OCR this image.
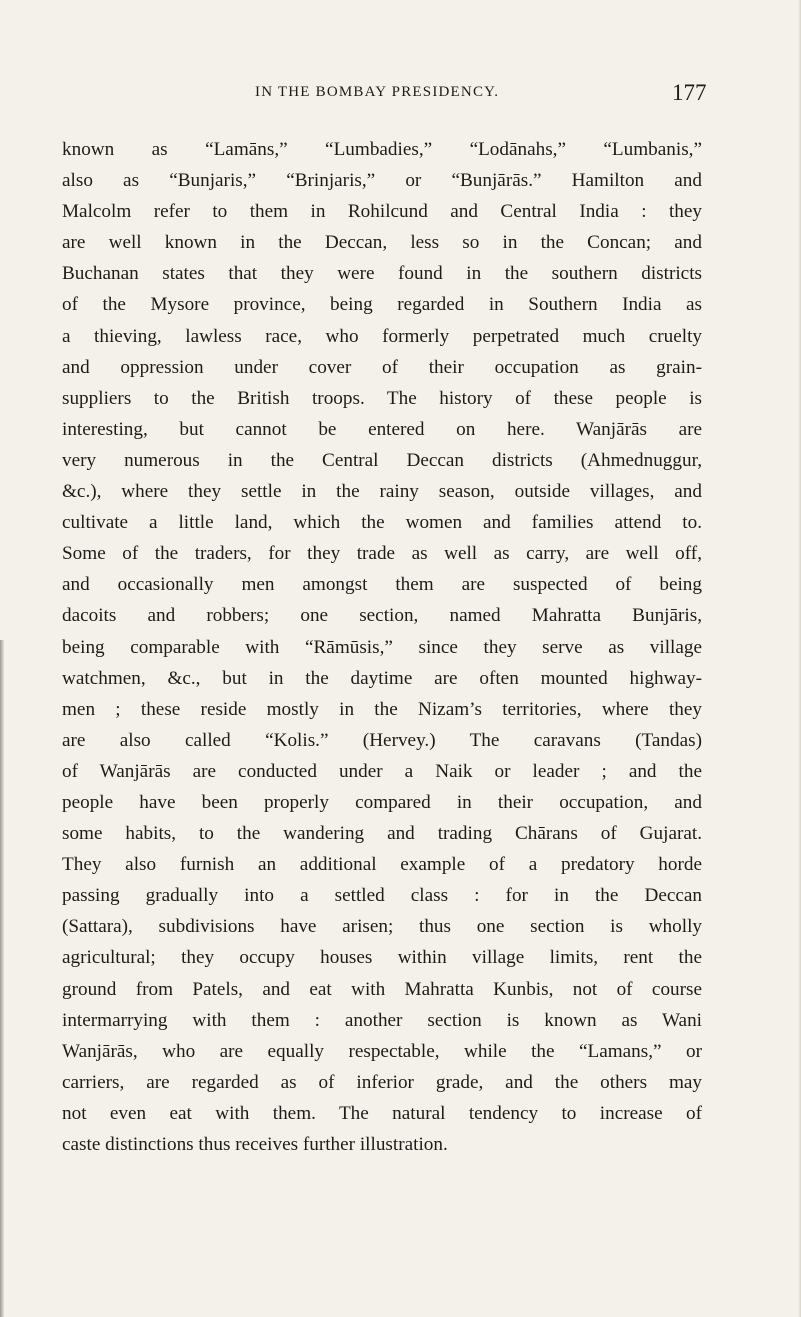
IN THE BOMBAY PRESIDENCY.	177
known as “Lamāns,” “Lumbadies,” “Lodānahs,” “Lumbanis,”
also as “Bunjaris,” “Brinjaris,” or “Bunjārās.” Hamilton and
Malcolm refer to them in Rohilcund and Central India : they
are well known in the Deccan, less so in the Concan; and
Buchanan states that they were found in the southern districts
of the Mysore province, being regarded in Southern India as
a thieving, lawless race, who formerly perpetrated much cruelty
and oppression under cover of their occupation as grain-
suppliers to the British troops. The history of these people is
interesting, but cannot be entered on here. Wanjārās are
very numerous in the Central Deccan districts (Ahmednuggur,
&c.), where they settle in the rainy season, outside villages, and
cultivate a little land, which the women and families attend to.
Some of the traders, for they trade as well as carry, are well off,
and occasionally men amongst them are suspected of being
dacoits and robbers; one section, named Mahratta Bunjāris,
being comparable with “Rāmūsis,” since they serve as village
watchmen, &c., but in the daytime are often mounted highway-
men ; these reside mostly in the Nizam’s territories, where they
are also called “Kolis.” (Hervey.) The caravans (Tandas)
of Wanjārās are conducted under a Naik or leader ; and the
people have been properly compared in their occupation, and
some habits, to the wandering and trading Chārans of Gujarat.
They also furnish an additional example of a predatory horde
passing gradually into a settled class : for in the Deccan
(Sattara), subdivisions have arisen; thus one section is wholly
agricultural; they occupy houses within village limits, rent the
ground from Patels, and eat with Mahratta Kunbis, not of course
intermarrying with them : another section is known as Wani
Wanjārās, who are equally respectable, while the “Lamans,” or
carriers, are regarded as of inferior grade, and the others may
not even eat with them. The natural tendency to increase of
caste distinctions thus receives further illustration.
